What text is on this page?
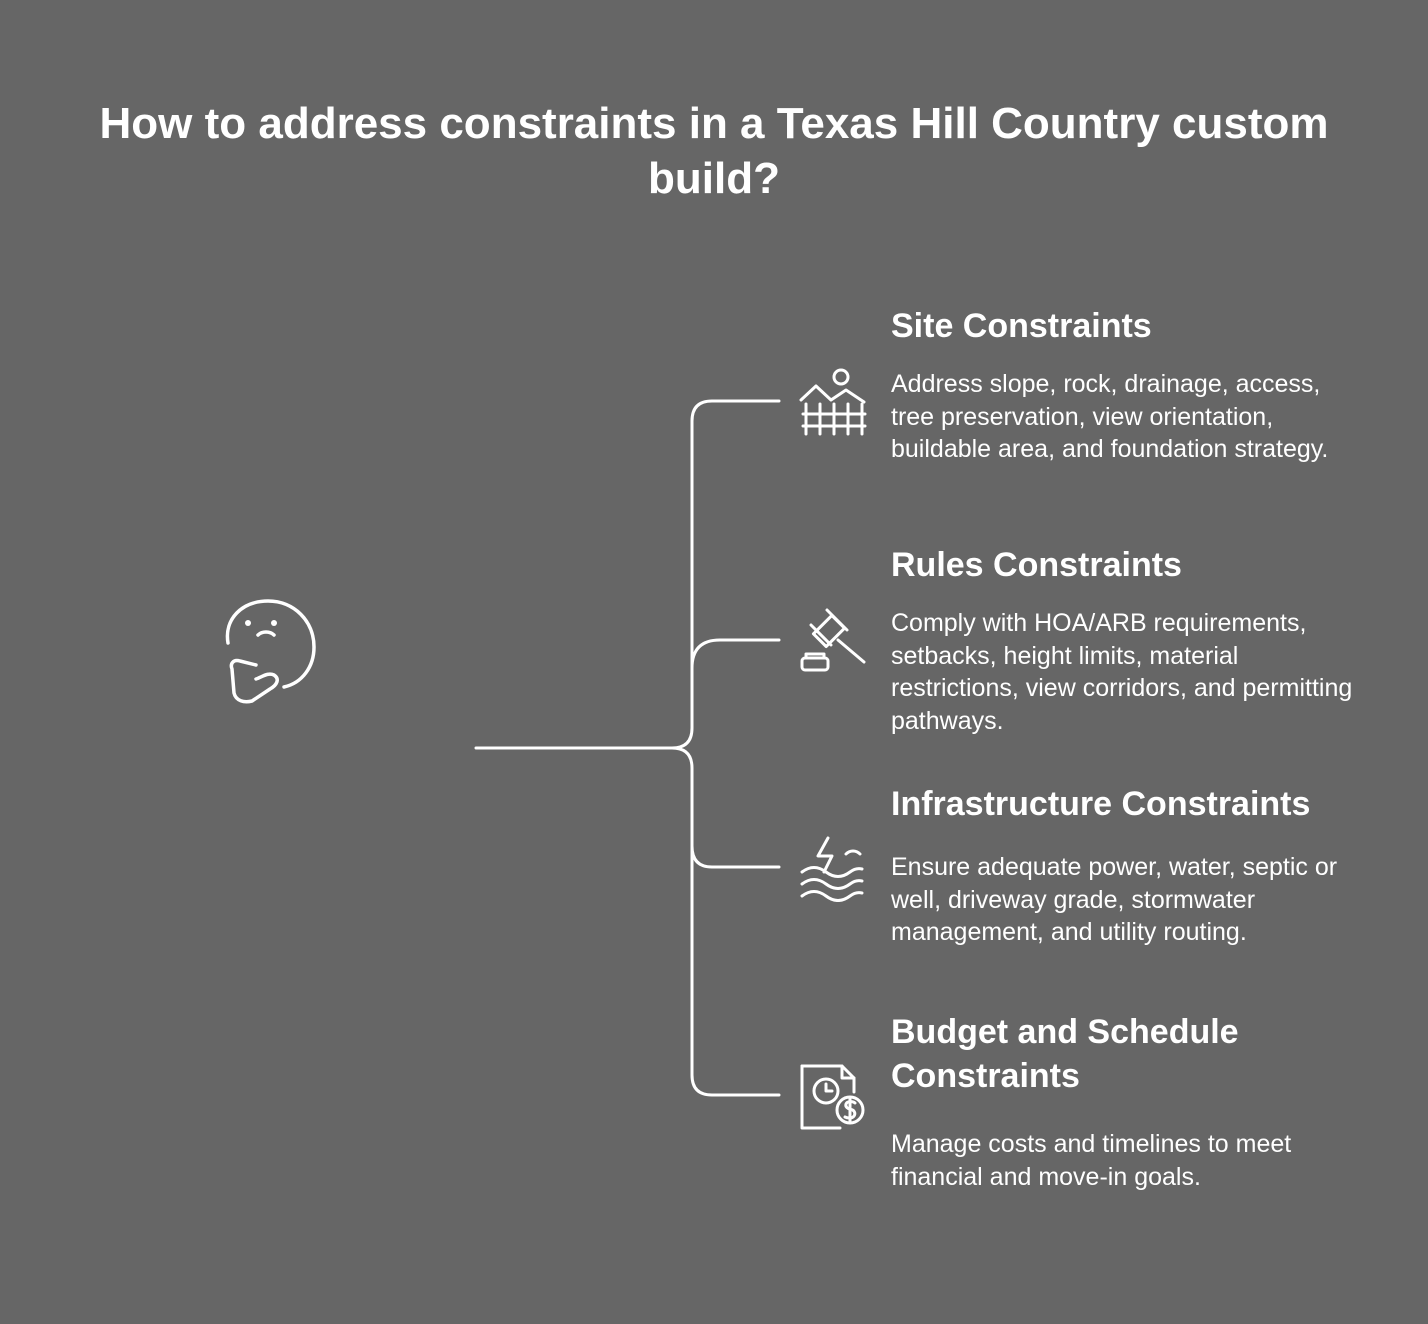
How to address constraints in a Texas Hill Country custom build?
Site Constraints

Address slope, rock, drainage, access, tree preservation, view orientation, buildable area, and foundation strategy.

Rules Constraints

Comply with HOA/ARB requirements, setbacks, height limits, material restrictions, view corridors, and permitting pathways.

Infrastructure Constraints

Ensure adequate power, water, septic or well, driveway grade, stormwater management, and utility routing.

Budget and Schedule Constraints

Manage costs and timelines to meet financial and move-in goals.
